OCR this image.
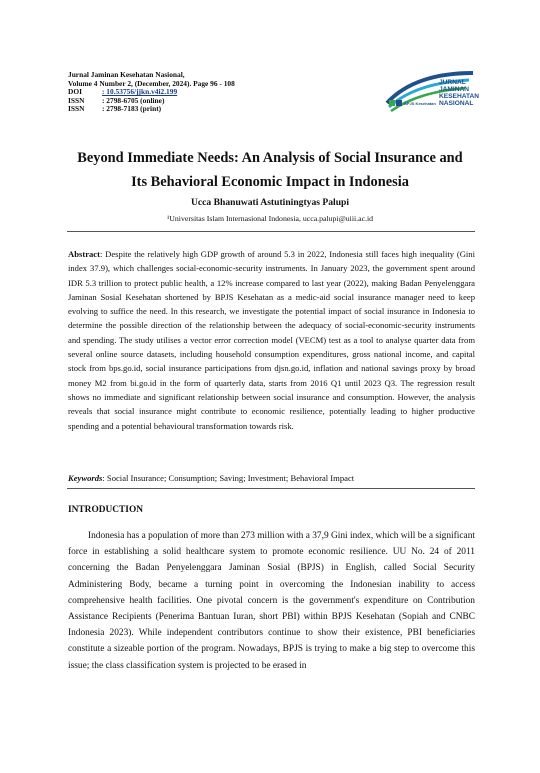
Jurnal Jaminan Kesehatan Nasional,
Volume 4 Number 2, (December, 2024). Page 96 - 108
DOI	: 10.53756/jjkn.v4i2.199
ISSN	: 2798-6705 (online)
ISSN	: 2798-7183 (print)
BPJS Kesehatan
JURNAL
JAMINAN
KESEHATAN
NASIONAL
Beyond Immediate Needs: An Analysis of Social Insurance and
Its Behavioral Economic Impact in Indonesia
Ucca Bhanuwati Astutiningtyas Palupi
¹Universitas Islam Internasional Indonesia, ucca.palupi@uiii.ac.id

Abstract: Despite the relatively high GDP growth of around 5.3 in 2022, Indonesia still faces high inequality (Gini index 37.9), which challenges social-economic-security instruments. In January 2023, the government spent around IDR 5.3 trillion to protect public health, a 12% increase compared to last year (2022), making Badan Penyelenggara Jaminan Sosial Kesehatan shortened by BPJS Kesehatan as a medic-aid social insurance manager need to keep evolving to suffice the need. In this research, we investigate the potential impact of social insurance in Indonesia to determine the possible direction of the relationship between the adequacy of social-economic-security instruments and spending. The study utilises a vector error correction model (VECM) test as a tool to analyse quarter data from several online source datasets, including household consumption expenditures, gross national income, and capital stock from bps.go.id, social insurance participations from djsn.go.id, inflation and national savings proxy by broad money M2 from bi.go.id in the form of quarterly data, starts from 2016 Q1 until 2023 Q3. The regression result shows no immediate and significant relationship between social insurance and consumption. However, the analysis reveals that social insurance might contribute to economic resilience, potentially leading to higher productive spending and a potential behavioural transformation towards risk.

Keywords: Social Insurance; Consumption; Saving; Investment; Behavioral Impact

INTRODUCTION

Indonesia has a population of more than 273 million with a 37,9 Gini index, which will be a significant force in establishing a solid healthcare system to promote economic resilience. UU No. 24 of 2011 concerning the Badan Penyelenggara Jaminan Sosial (BPJS) in English, called Social Security Administering Body, became a turning point in overcoming the Indonesian inability to access comprehensive health facilities. One pivotal concern is the government's expenditure on Contribution Assistance Recipients (Penerima Bantuan Iuran, short PBI) within BPJS Kesehatan (Sopiah and CNBC Indonesia 2023). While independent contributors continue to show their existence, PBI beneficiaries constitute a sizeable portion of the program. Nowadays, BPJS is trying to make a big step to overcome this issue; the class classification system is projected to be erased in
